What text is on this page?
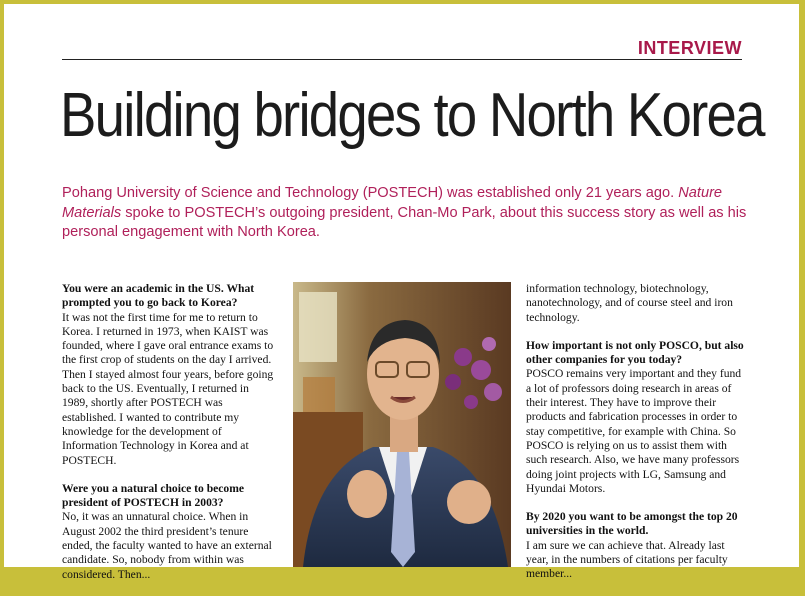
INTERVIEW
Building bridges to North Korea

Pohang University of Science and Technology (POSTECH) was established only 21 years ago. Nature Materials spoke to POSTECH’s outgoing president, Chan-Mo Park, about this success story as well as his personal engagement with North Korea.

You were an academic in the US. What prompted you to go back to Korea?

It was not the first time for me to return to Korea. I returned in 1973, when KAIST was founded, where I gave oral entrance exams to the first crop of students on the day I arrived. Then I stayed almost four years, before going back to the US. Eventually, I returned in 1989, shortly after POSTECH was established. I wanted to contribute my knowledge for the development of Information Technology in Korea and at POSTECH.

Were you a natural choice to become president of POSTECH in 2003?

No, it was an unnatural choice. When in August 2002 the third president’s tenure ended, the faculty wanted to have an external candidate. So, nobody from within was considered. Then...

information technology, biotechnology, nanotechnology, and of course steel and iron technology.

How important is not only POSCO, but also other companies for you today?

POSCO remains very important and they fund a lot of professors doing research in areas of their interest. They have to improve their products and fabrication processes in order to stay competitive, for example with China. So POSCO is relying on us to assist them with such research. Also, we have many professors doing joint projects with LG, Samsung and Hyundai Motors.

By 2020 you want to be amongst the top 20 universities in the world.

I am sure we can achieve that. Already last year, in the numbers of citations per faculty member...
